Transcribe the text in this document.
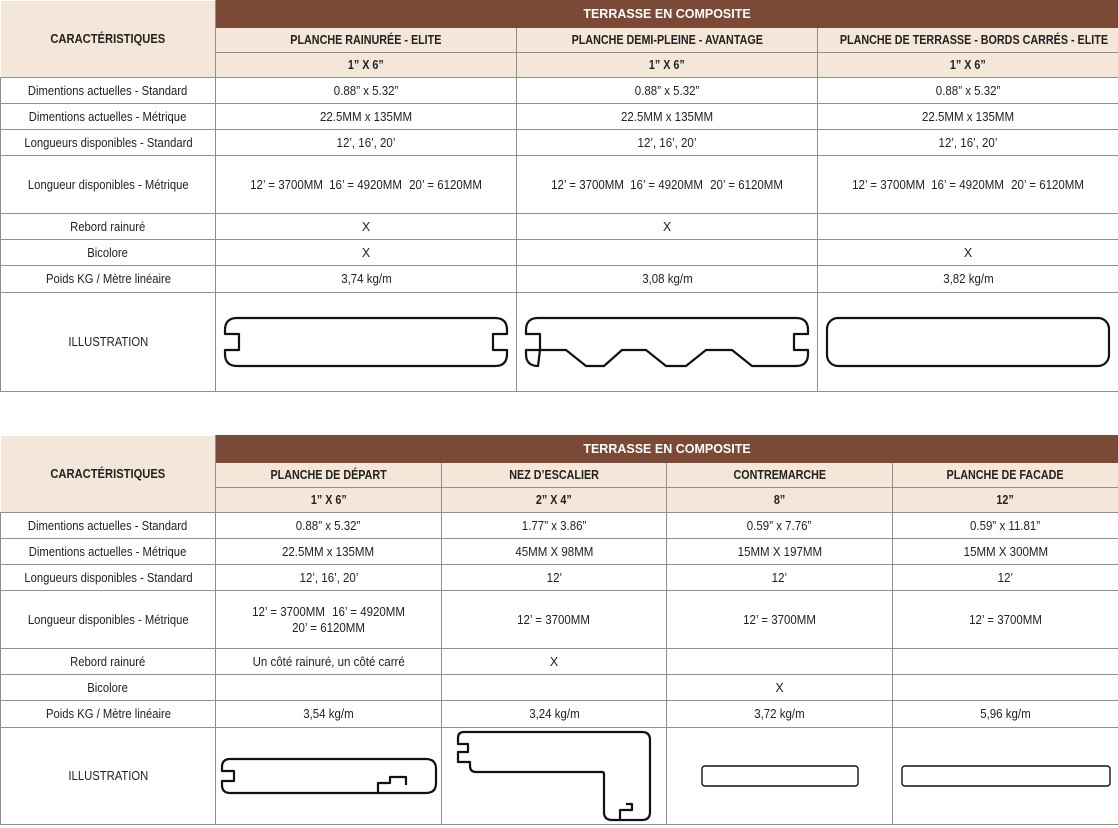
CARACTÉRISTIQUES	TERRASSE EN COMPOSITE		
	PLANCHE RAINURÉE - ELITE	PLANCHE DEMI-PLEINE - AVANTAGE	PLANCHE DE TERRASSE - BORDS CARRÉS - ELITE
	1” X 6”	1” X 6”	1” X 6”
Dimentions actuelles - Standard	0.88” x 5.32”	0.88” x 5.32”	0.88” x 5.32”
Dimentions actuelles - Métrique	22.5MM x 135MM	22.5MM x 135MM	22.5MM x 135MM
Longueurs disponibles - Standard	12’, 16’, 20’	12’, 16’, 20’	12’, 16’, 20’
Longueur disponibles - Métrique	12’ = 3700MM 16’ = 4920MM 20’ = 6120MM	12’ = 3700MM 16’ = 4920MM 20’ = 6120MM	12’ = 3700MM 16’ = 4920MM 20’ = 6120MM
Rebord rainuré	X	X	
Bicolore	X		X
Poids KG / Mètre linéaire	3,74 kg/m	3,08 kg/m	3,82 kg/m
ILLUSTRATION	

CARACTÉRISTIQUES	TERRASSE EN COMPOSITE			
	PLANCHE DE DÉPART	NEZ D’ESCALIER	CONTREMARCHE	PLANCHE DE FACADE
	1” X 6”	2” X 4”	8”	12”
Dimentions actuelles - Standard	0.88” x 5.32”	1.77” x 3.86”	0.59” x 7.76”	0.59” x 11.81”
Dimentions actuelles - Métrique	22.5MM x 135MM	45MM X 98MM	15MM X 197MM	15MM X 300MM
Longueurs disponibles - Standard	12’, 16’, 20’	12’	12’	12’
Longueur disponibles - Métrique	12’ = 3700MM 16’ = 4920MM20’ = 6120MM	12’ = 3700MM	12’ = 3700MM	12’ = 3700MM
Rebord rainuré	Un côté rainuré, un côté carré	X		
Bicolore			X	
Poids KG / Mètre linéaire	3,54 kg/m	3,24 kg/m	3,72 kg/m	5,96 kg/m
ILLUSTRATION	
